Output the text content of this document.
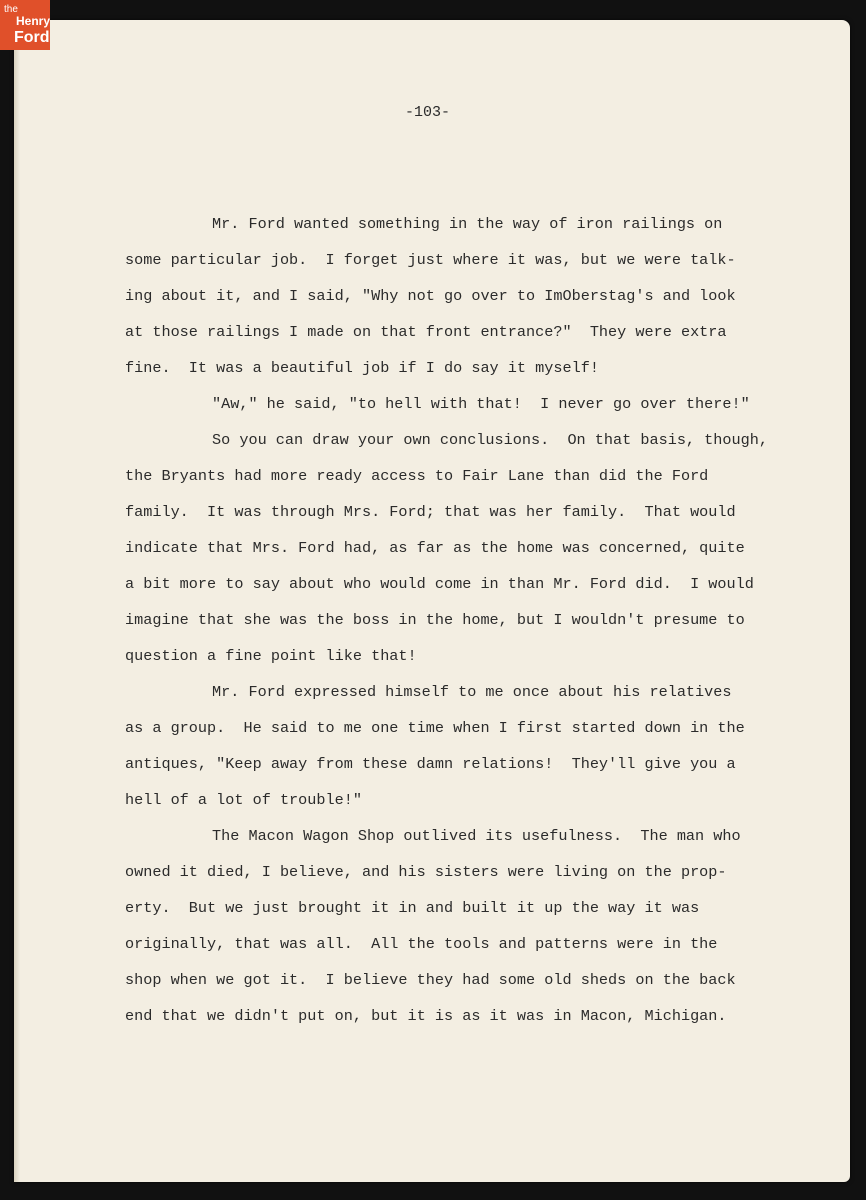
the
Henry
Ford
-103-
Mr. Ford wanted something in the way of iron railings on
some particular job.  I forget just where it was, but we were talk-
ing about it, and I said, "Why not go over to ImOberstag's and look
at those railings I made on that front entrance?"  They were extra
fine.  It was a beautiful job if I do say it myself!
"Aw," he said, "to hell with that!  I never go over there!"
So you can draw your own conclusions.  On that basis, though,
the Bryants had more ready access to Fair Lane than did the Ford
family.  It was through Mrs. Ford; that was her family.  That would
indicate that Mrs. Ford had, as far as the home was concerned, quite
a bit more to say about who would come in than Mr. Ford did.  I would
imagine that she was the boss in the home, but I wouldn't presume to
question a fine point like that!
Mr. Ford expressed himself to me once about his relatives
as a group.  He said to me one time when I first started down in the
antiques, "Keep away from these damn relations!  They'll give you a
hell of a lot of trouble!"
The Macon Wagon Shop outlived its usefulness.  The man who
owned it died, I believe, and his sisters were living on the prop-
erty.  But we just brought it in and built it up the way it was
originally, that was all.  All the tools and patterns were in the
shop when we got it.  I believe they had some old sheds on the back
end that we didn't put on, but it is as it was in Macon, Michigan.
